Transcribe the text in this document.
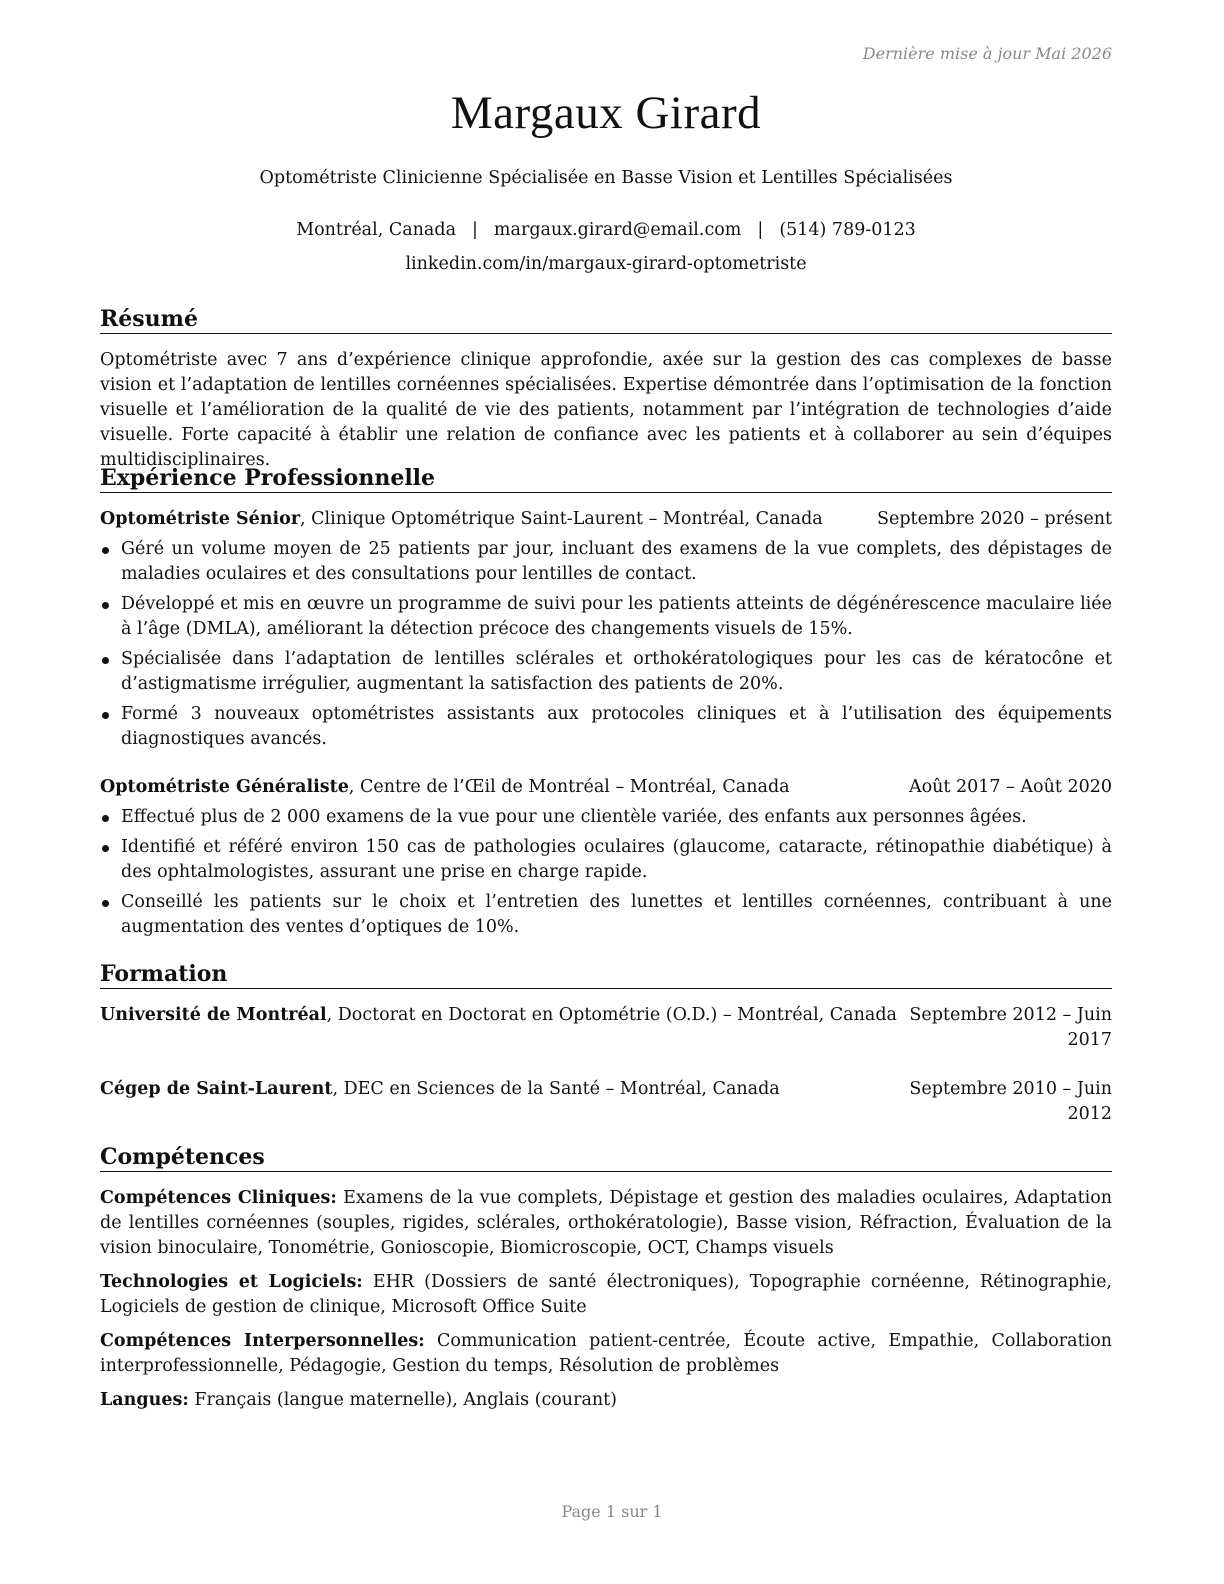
Dernière mise à jour Mai 2026
Margaux Girard
Optométriste Clinicienne Spécialisée en Basse Vision et Lentilles Spécialisées
Montréal, Canada | margaux.girard@email.com | (514) 789-0123
linkedin.com/in/margaux-girard-optometriste
Résumé
Optométriste avec 7 ans d’expérience clinique approfondie, axée sur la gestion des cas complexes de basse vision et l’adaptation de lentilles cornéennes spécialisées. Expertise démontrée dans l’optimisation de la fonction visuelle et l’amélioration de la qualité de vie des patients, notamment par l’intégration de technologies d’aide visuelle. Forte capacité à établir une relation de confiance avec les patients et à collaborer au sein d’équipes multidisciplinaires.
Expérience Professionnelle
Optométriste Sénior, Clinique Optométrique Saint-Laurent – Montréal, Canada	Septembre 2020 – présent
Géré un volume moyen de 25 patients par jour, incluant des examens de la vue complets, des dépistages de maladies oculaires et des consultations pour lentilles de contact.
Développé et mis en œuvre un programme de suivi pour les patients atteints de dégénérescence maculaire liée à l’âge (DMLA), améliorant la détection précoce des changements visuels de 15%.
Spécialisée dans l’adaptation de lentilles sclérales et orthokératologiques pour les cas de kératocône et d’astigmatisme irrégulier, augmentant la satisfaction des patients de 20%.
Formé 3 nouveaux optométristes assistants aux protocoles cliniques et à l’utilisation des équipements diagnostiques avancés.
Optométriste Généraliste, Centre de l’Œil de Montréal – Montréal, Canada	Août 2017 – Août 2020
Effectué plus de 2 000 examens de la vue pour une clientèle variée, des enfants aux personnes âgées.
Identifié et référé environ 150 cas de pathologies oculaires (glaucome, cataracte, rétinopathie diabétique) à des ophtalmologistes, assurant une prise en charge rapide.
Conseillé les patients sur le choix et l’entretien des lunettes et lentilles cornéennes, contribuant à une augmentation des ventes d’optiques de 10%.
Formation
Université de Montréal, Doctorat en Doctorat en Optométrie (O.D.) – Montréal, Canada Septembre 2012 – Juin 2017
Cégep de Saint-Laurent, DEC en Sciences de la Santé – Montréal, Canada	Septembre 2010 – Juin 2012
Compétences
Compétences Cliniques: Examens de la vue complets, Dépistage et gestion des maladies oculaires, Adaptation de lentilles cornéennes (souples, rigides, sclérales, orthokératologie), Basse vision, Réfraction, Évaluation de la vision binoculaire, Tonométrie, Gonioscopie, Biomicroscopie, OCT, Champs visuels
Technologies et Logiciels: EHR (Dossiers de santé électroniques), Topographie cornéenne, Rétinographie, Logiciels de gestion de clinique, Microsoft Office Suite
Compétences Interpersonnelles: Communication patient-centrée, Écoute active, Empathie, Collaboration interprofessionnelle, Pédagogie, Gestion du temps, Résolution de problèmes
Langues: Français (langue maternelle), Anglais (courant)
Page 1 sur 1
